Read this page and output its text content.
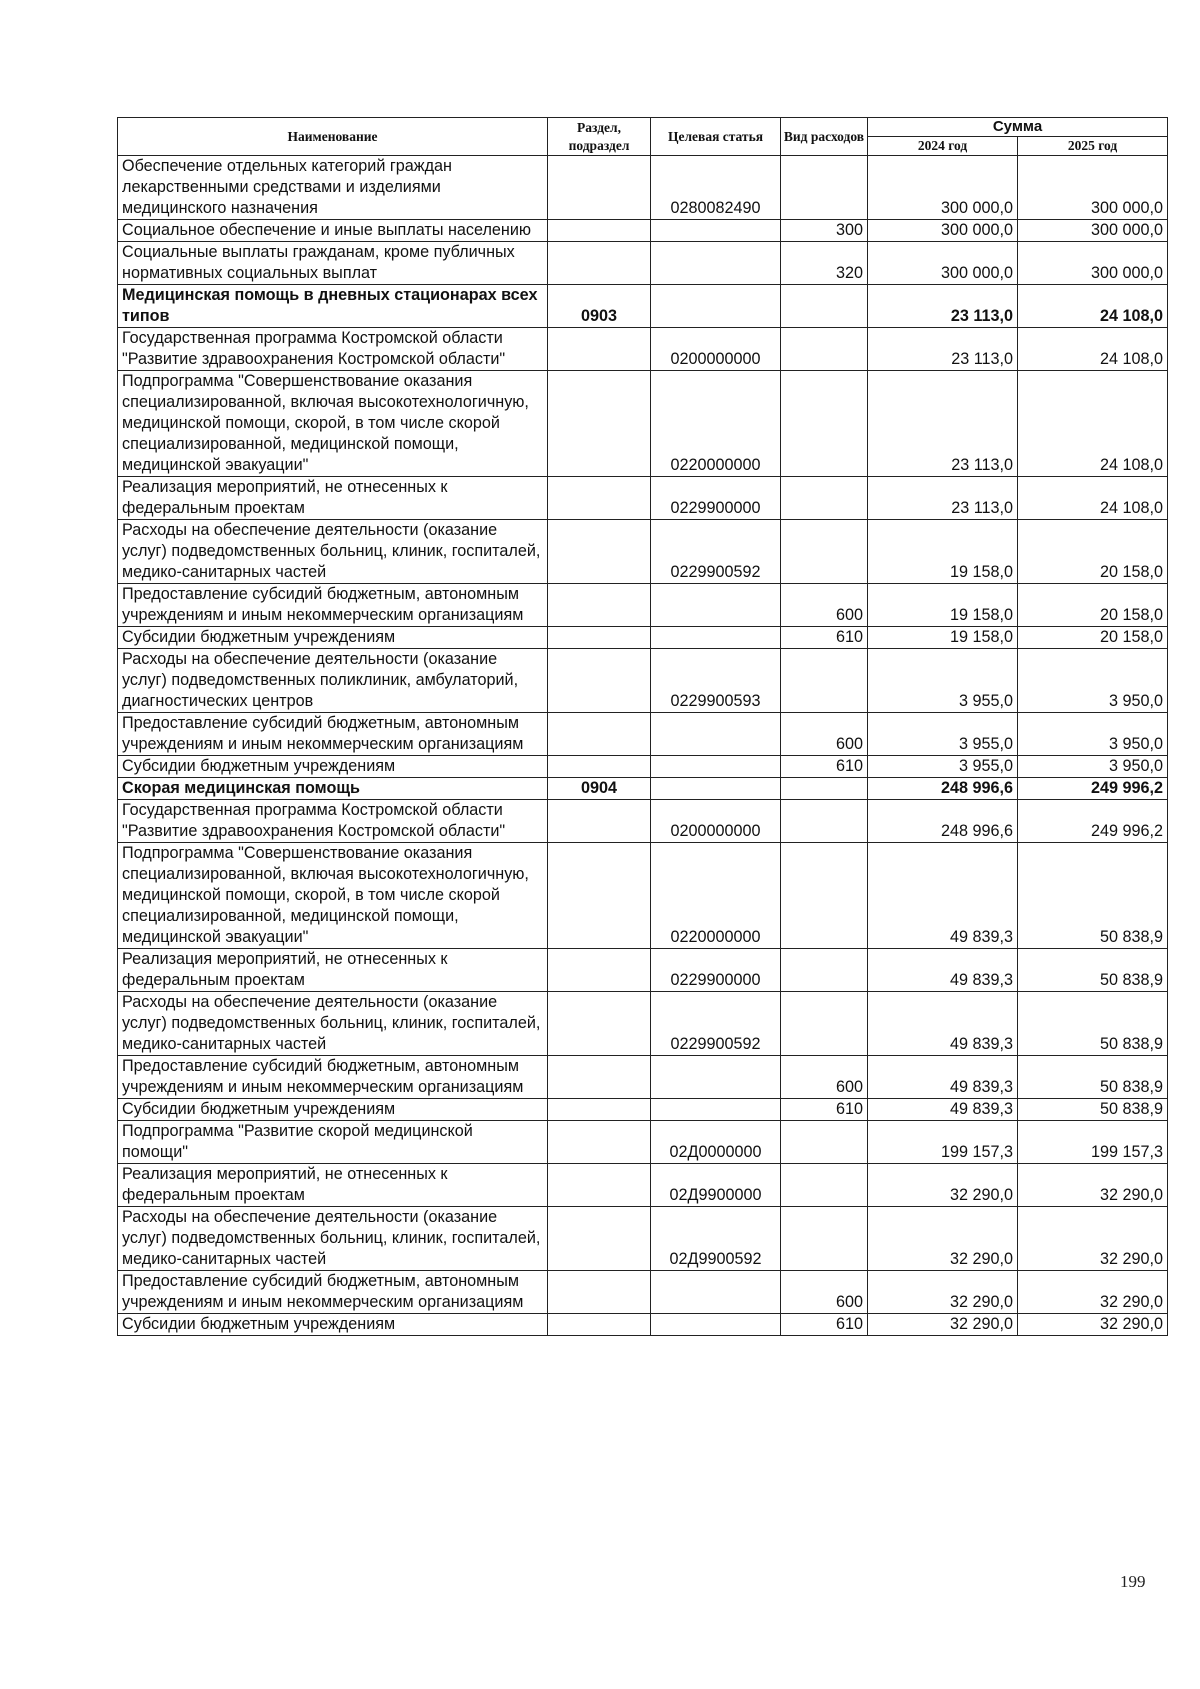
Наименование	Раздел, подраздел	Целевая статья	Вид расходов	Сумма	
				2024 год	2025 год
Обеспечение отдельных категорий граждан лекарственными средствами и изделиями медицинского назначения		0280082490		300 000,0	300 000,0
Социальное обеспечение и иные выплаты населению			300	300 000,0	300 000,0
Социальные выплаты гражданам, кроме публичных нормативных социальных выплат			320	300 000,0	300 000,0
Медицинская помощь в дневных стационарах всех типов	0903			23 113,0	24 108,0
Государственная программа Костромской области "Развитие здравоохранения Костромской области"		0200000000		23 113,0	24 108,0
Подпрограмма "Совершенствование оказания специализированной, включая высокотехнологичную, медицинской помощи, скорой, в том числе скорой специализированной, медицинской помощи, медицинской эвакуации"		0220000000		23 113,0	24 108,0
Реализация мероприятий, не отнесенных к федеральным проектам		0229900000		23 113,0	24 108,0
Расходы на обеспечение деятельности (оказание услуг) подведомственных больниц, клиник, госпиталей, медико-санитарных частей		0229900592		19 158,0	20 158,0
Предоставление субсидий бюджетным, автономным учреждениям и иным некоммерческим организациям			600	19 158,0	20 158,0
Субсидии бюджетным учреждениям			610	19 158,0	20 158,0
Расходы на обеспечение деятельности (оказание услуг) подведомственных поликлиник, амбулаторий, диагностических центров		0229900593		3 955,0	3 950,0
Предоставление субсидий бюджетным, автономным учреждениям и иным некоммерческим организациям			600	3 955,0	3 950,0
Субсидии бюджетным учреждениям			610	3 955,0	3 950,0
Скорая медицинская помощь	0904			248 996,6	249 996,2
Государственная программа Костромской области "Развитие здравоохранения Костромской области"		0200000000		248 996,6	249 996,2
Подпрограмма "Совершенствование оказания специализированной, включая высокотехнологичную, медицинской помощи, скорой, в том числе скорой специализированной, медицинской помощи, медицинской эвакуации"		0220000000		49 839,3	50 838,9
Реализация мероприятий, не отнесенных к федеральным проектам		0229900000		49 839,3	50 838,9
Расходы на обеспечение деятельности (оказание услуг) подведомственных больниц, клиник, госпиталей, медико-санитарных частей		0229900592		49 839,3	50 838,9
Предоставление субсидий бюджетным, автономным учреждениям и иным некоммерческим организациям			600	49 839,3	50 838,9
Субсидии бюджетным учреждениям			610	49 839,3	50 838,9
Подпрограмма "Развитие скорой медицинской помощи"		02Д0000000		199 157,3	199 157,3
Реализация мероприятий, не отнесенных к федеральным проектам		02Д9900000		32 290,0	32 290,0
Расходы на обеспечение деятельности (оказание услуг) подведомственных больниц, клиник, госпиталей, медико-санитарных частей		02Д9900592		32 290,0	32 290,0
Предоставление субсидий бюджетным, автономным учреждениям и иным некоммерческим организациям			600	32 290,0	32 290,0
Субсидии бюджетным учреждениям			610	32 290,0	32 290,0
199
